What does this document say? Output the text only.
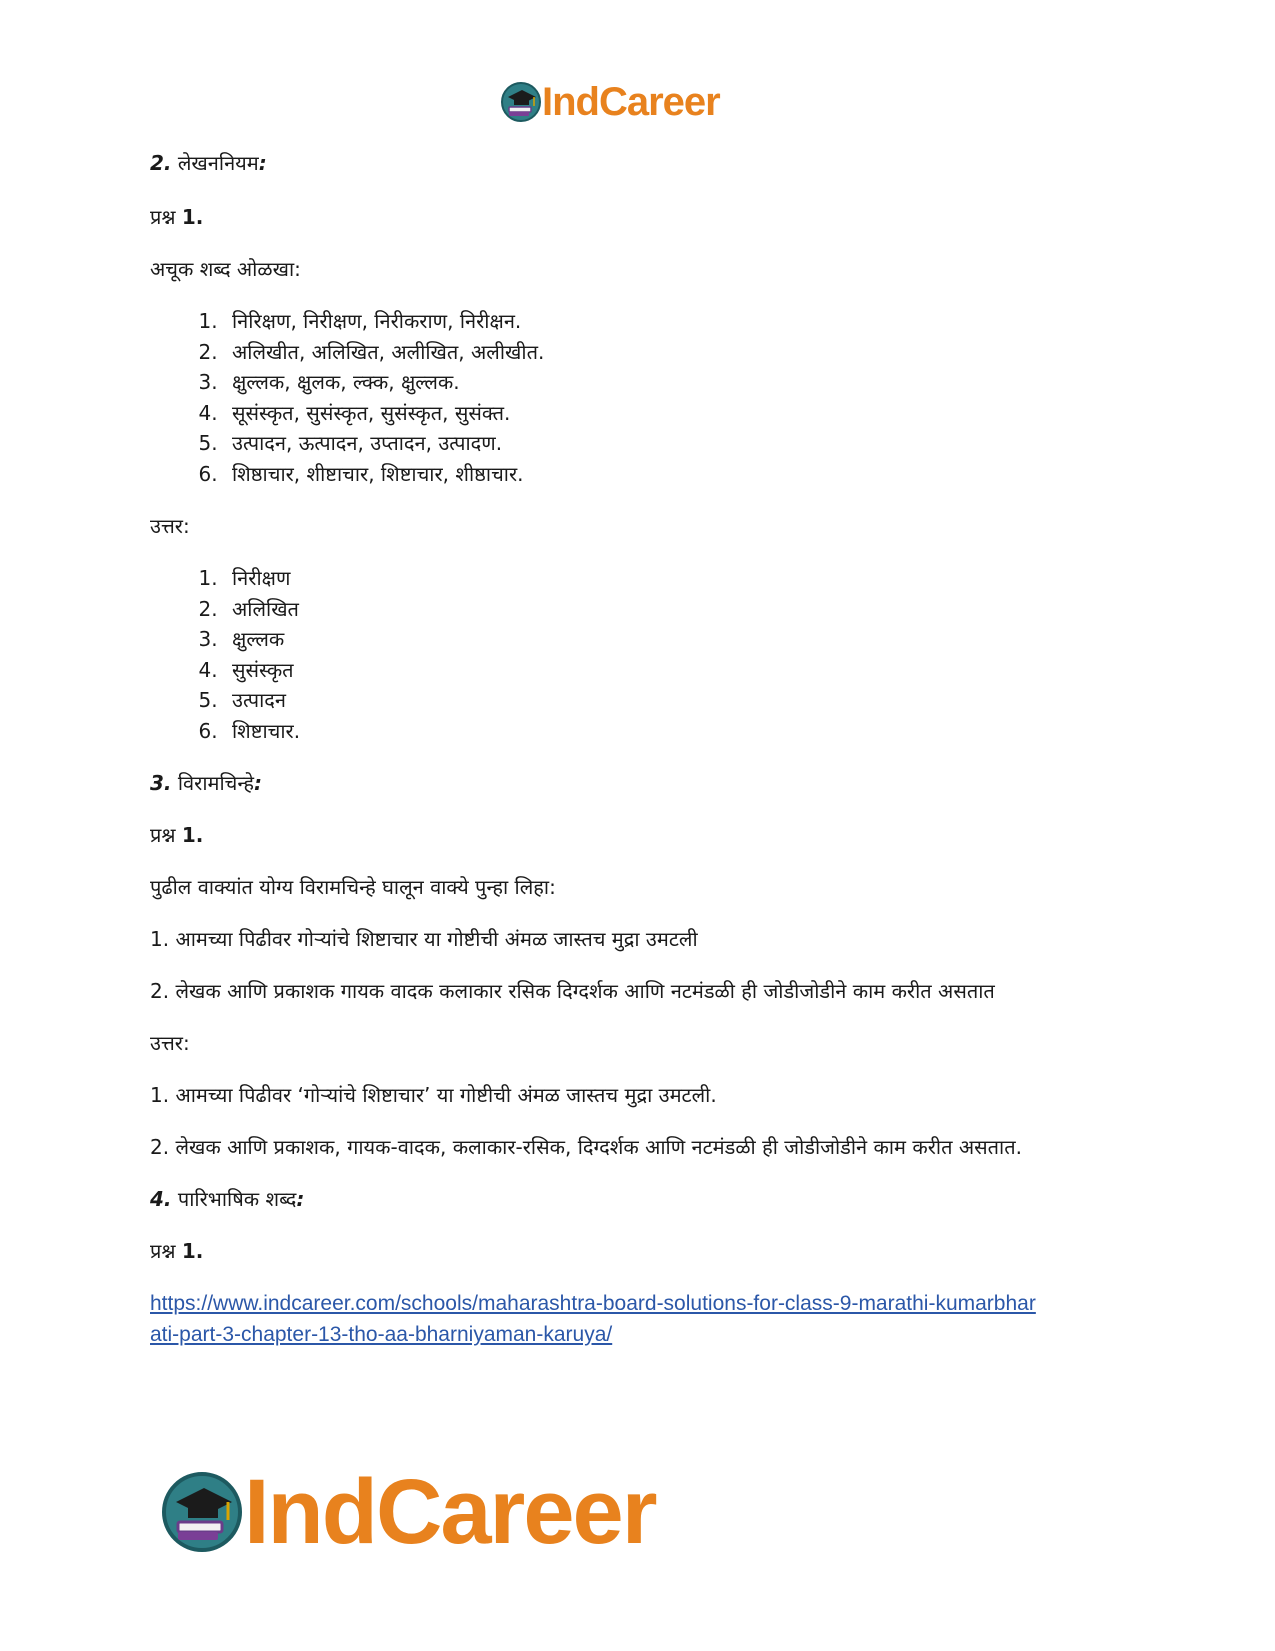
IndCareer

2. लेखननियम:

प्रश्न 1.

अचूक शब्द ओळखा:

1. निरिक्षण, निरीक्षण, निरीकराण, निरीक्षन.
2. अलिखीत, अलिखित, अलीखित, अलीखीत.
3. क्षुल्लक, क्षुलक, ल्क्क, क्षुल्लक.
4. सूसंस्कृत, सुसंस्कृत, सुसंस्कृत, सुसंक्त.
5. उत्पादन, ऊत्पादन, उप्तादन, उत्पादण.
6. शिष्ठाचार, शीष्टाचार, शिष्टाचार, शीष्ठाचार.

उत्तर:

1. निरीक्षण
2. अलिखित
3. क्षुल्लक
4. सुसंस्कृत
5. उत्पादन
6. शिष्टाचार.

3. विरामचिन्हे:

प्रश्न 1.

पुढील वाक्यांत योग्य विरामचिन्हे घालून वाक्ये पुन्हा लिहा:

1. आमच्या पिढीवर गोऱ्यांचे शिष्टाचार या गोष्टीची अंमळ जास्तच मुद्रा उमटली

2. लेखक आणि प्रकाशक गायक वादक कलाकार रसिक दिग्दर्शक आणि नटमंडळी ही जोडीजोडीने काम करीत असतात

उत्तर:

1. आमच्या पिढीवर ‘गोऱ्यांचे शिष्टाचार’ या गोष्टीची अंमळ जास्तच मुद्रा उमटली.

2. लेखक आणि प्रकाशक, गायक-वादक, कलाकार-रसिक, दिग्दर्शक आणि नटमंडळी ही जोडीजोडीने काम करीत असतात.

4. पारिभाषिक शब्द:

प्रश्न 1.

https://www.indcareer.com/schools/maharashtra-board-solutions-for-class-9-marathi-kumarbhar
ati-part-3-chapter-13-tho-aa-bharniyaman-karuya/
IndCareer
